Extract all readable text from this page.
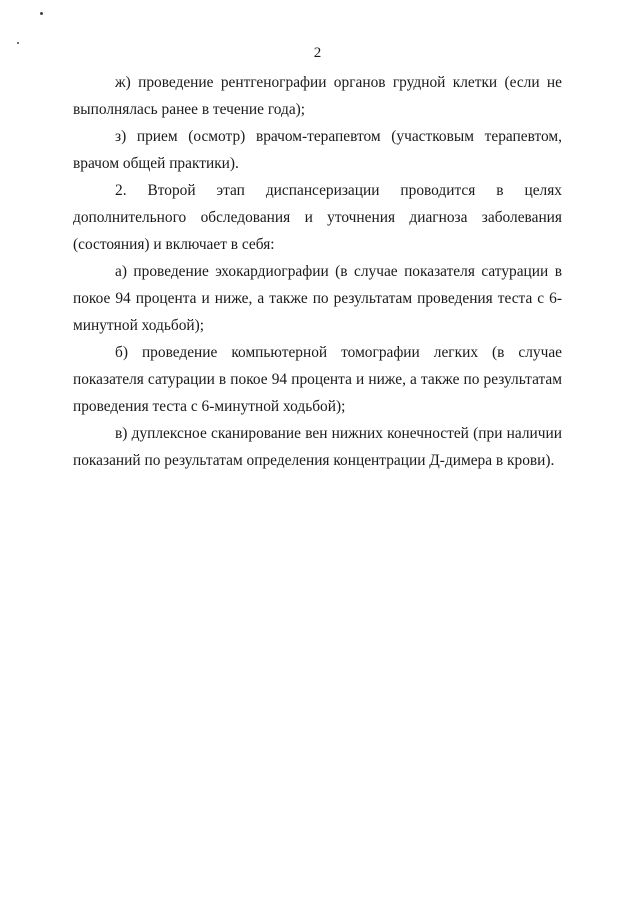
2

ж) проведение рентгенографии органов грудной клетки (если не выполнялась ранее в течение года);

з) прием (осмотр) врачом-терапевтом (участковым терапевтом, врачом общей практики).

2. Второй этап диспансеризации проводится в целях дополнительного обследования и уточнения диагноза заболевания (состояния) и включает в себя:

а) проведение эхокардиографии (в случае показателя сатурации в покое 94 процента и ниже, а также по результатам проведения теста с 6-минутной ходьбой);

б) проведение компьютерной томографии легких (в случае показателя сатурации в покое 94 процента и ниже, а также по результатам проведения теста с 6-минутной ходьбой);

в) дуплексное сканирование вен нижних конечностей (при наличии показаний по результатам определения концентрации Д-димера в крови).
